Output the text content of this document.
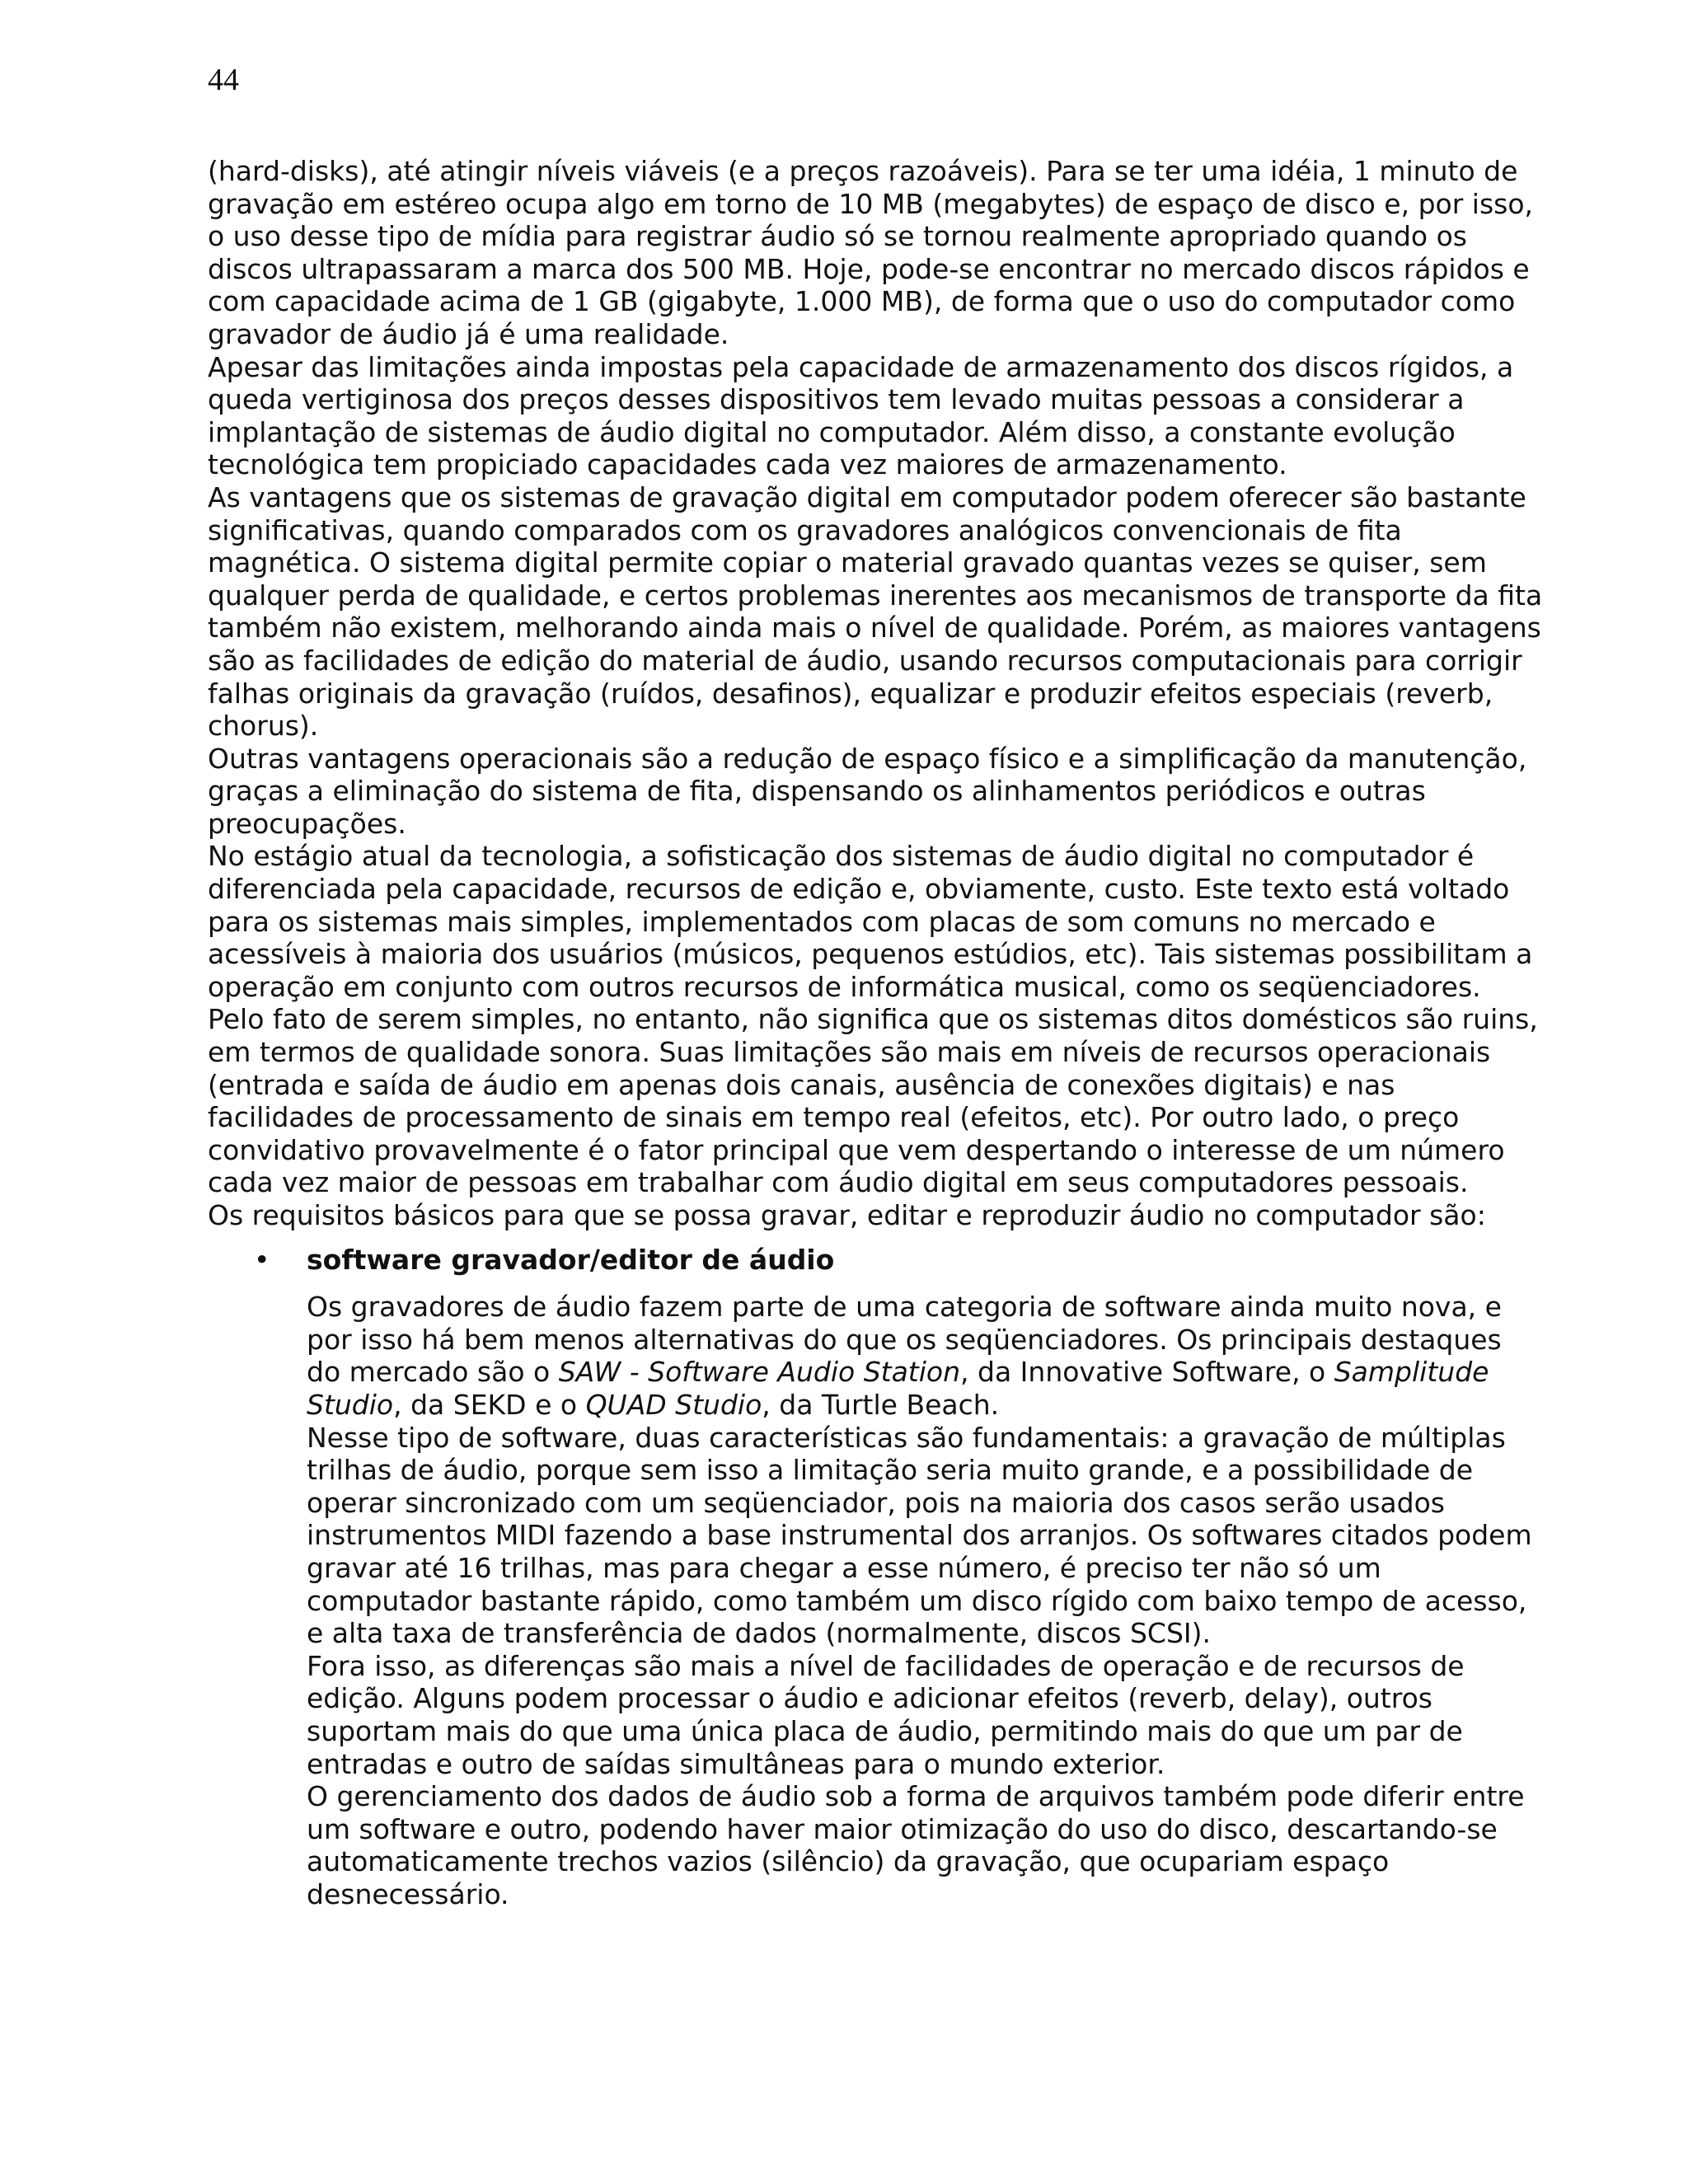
44

(hard-disks), até atingir níveis viáveis (e a preços razoáveis). Para se ter uma idéia, 1 minuto de gravação em estéreo ocupa algo em torno de 10 MB (megabytes) de espaço de disco e, por isso, o uso desse tipo de mídia para registrar áudio só se tornou realmente apropriado quando os discos ultrapassaram a marca dos 500 MB. Hoje, pode-se encontrar no mercado discos rápidos e com capacidade acima de 1 GB (gigabyte, 1.000 MB), de forma que o uso do computador como gravador de áudio já é uma realidade.

Apesar das limitações ainda impostas pela capacidade de armazenamento dos discos rígidos, a queda vertiginosa dos preços desses dispositivos tem levado muitas pessoas a considerar a implantação de sistemas de áudio digital no computador. Além disso, a constante evolução tecnológica tem propiciado capacidades cada vez maiores de armazenamento.

As vantagens que os sistemas de gravação digital em computador podem oferecer são bastante significativas, quando comparados com os gravadores analógicos convencionais de fita magnética. O sistema digital permite copiar o material gravado quantas vezes se quiser, sem qualquer perda de qualidade, e certos problemas inerentes aos mecanismos de transporte da fita também não existem, melhorando ainda mais o nível de qualidade. Porém, as maiores vantagens são as facilidades de edição do material de áudio, usando recursos computacionais para corrigir falhas originais da gravação (ruídos, desafinos), equalizar e produzir efeitos especiais (reverb, chorus).

Outras vantagens operacionais são a redução de espaço físico e a simplificação da manutenção, graças a eliminação do sistema de fita, dispensando os alinhamentos periódicos e outras preocupações.

No estágio atual da tecnologia, a sofisticação dos sistemas de áudio digital no computador é diferenciada pela capacidade, recursos de edição e, obviamente, custo. Este texto está voltado para os sistemas mais simples, implementados com placas de som comuns no mercado e acessíveis à maioria dos usuários (músicos, pequenos estúdios, etc). Tais sistemas possibilitam a operação em conjunto com outros recursos de informática musical, como os seqüenciadores.

Pelo fato de serem simples, no entanto, não significa que os sistemas ditos domésticos são ruins, em termos de qualidade sonora. Suas limitações são mais em níveis de recursos operacionais (entrada e saída de áudio em apenas dois canais, ausência de conexões digitais) e nas facilidades de processamento de sinais em tempo real (efeitos, etc). Por outro lado, o preço convidativo provavelmente é o fator principal que vem despertando o interesse de um número cada vez maior de pessoas em trabalhar com áudio digital em seus computadores pessoais.

Os requisitos básicos para que se possa gravar, editar e reproduzir áudio no computador são:

• software gravador/editor de áudio

Os gravadores de áudio fazem parte de uma categoria de software ainda muito nova, e por isso há bem menos alternativas do que os seqüenciadores. Os principais destaques do mercado são o SAW - Software Audio Station, da Innovative Software, o Samplitude Studio, da SEKD e o QUAD Studio, da Turtle Beach.

Nesse tipo de software, duas características são fundamentais: a gravação de múltiplas trilhas de áudio, porque sem isso a limitação seria muito grande, e a possibilidade de operar sincronizado com um seqüenciador, pois na maioria dos casos serão usados instrumentos MIDI fazendo a base instrumental dos arranjos. Os softwares citados podem gravar até 16 trilhas, mas para chegar a esse número, é preciso ter não só um computador bastante rápido, como também um disco rígido com baixo tempo de acesso, e alta taxa de transferência de dados (normalmente, discos SCSI).

Fora isso, as diferenças são mais a nível de facilidades de operação e de recursos de edição. Alguns podem processar o áudio e adicionar efeitos (reverb, delay), outros suportam mais do que uma única placa de áudio, permitindo mais do que um par de entradas e outro de saídas simultâneas para o mundo exterior.

O gerenciamento dos dados de áudio sob a forma de arquivos também pode diferir entre um software e outro, podendo haver maior otimização do uso do disco, descartando-se automaticamente trechos vazios (silêncio) da gravação, que ocupariam espaço desnecessário.
